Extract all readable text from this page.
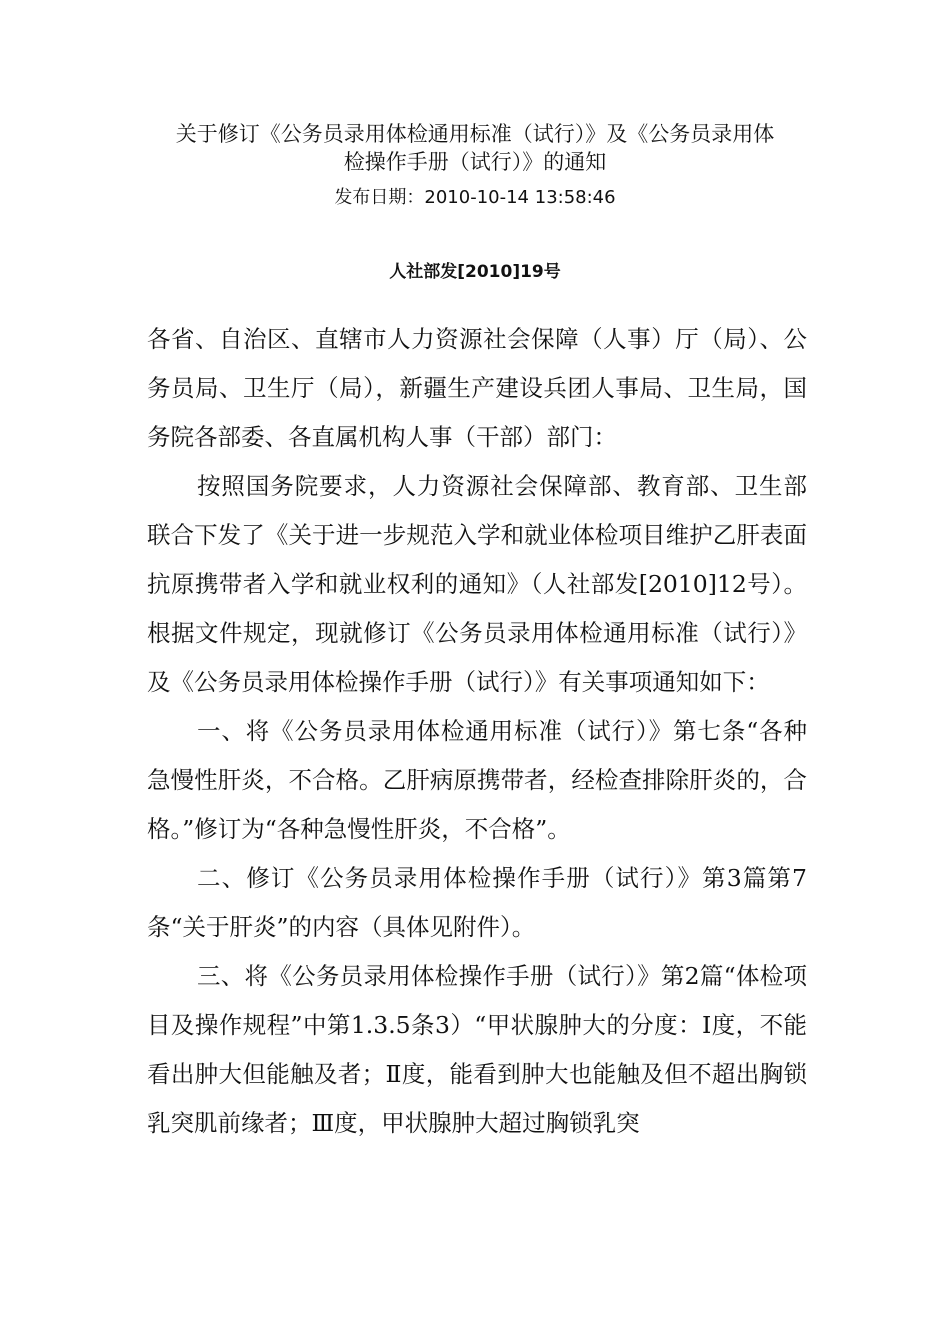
关于修订《公务员录用体检通用标准（试行）》及《公务员录用体
检操作手册（试行）》的通知
发布日期：2010-10-14 13:58:46
人社部发[2010]19号

各省、自治区、直辖市人力资源社会保障（人事）厅（局）、公务员局、卫生厅（局），新疆生产建设兵团人事局、卫生局，国务院各部委、各直属机构人事（干部）部门：

按照国务院要求，人力资源社会保障部、教育部、卫生部联合下发了《关于进一步规范入学和就业体检项目维护乙肝表面抗原携带者入学和就业权利的通知》（人社部发[2010]12号）。根据文件规定，现就修订《公务员录用体检通用标准（试行）》及《公务员录用体检操作手册（试行）》有关事项通知如下：

一、将《公务员录用体检通用标准（试行）》第七条“各种急慢性肝炎，不合格。乙肝病原携带者，经检查排除肝炎的，合格。”修订为“各种急慢性肝炎，不合格”。

二、修订《公务员录用体检操作手册（试行）》第3篇第7条“关于肝炎”的内容（具体见附件）。

三、将《公务员录用体检操作手册（试行）》第2篇“体检项目及操作规程”中第1.3.5条3）“甲状腺肿大的分度：Ⅰ度，不能看出肿大但能触及者；Ⅱ度，能看到肿大也能触及但不超出胸锁乳突肌前缘者；Ⅲ度，甲状腺肿大超过胸锁乳突
